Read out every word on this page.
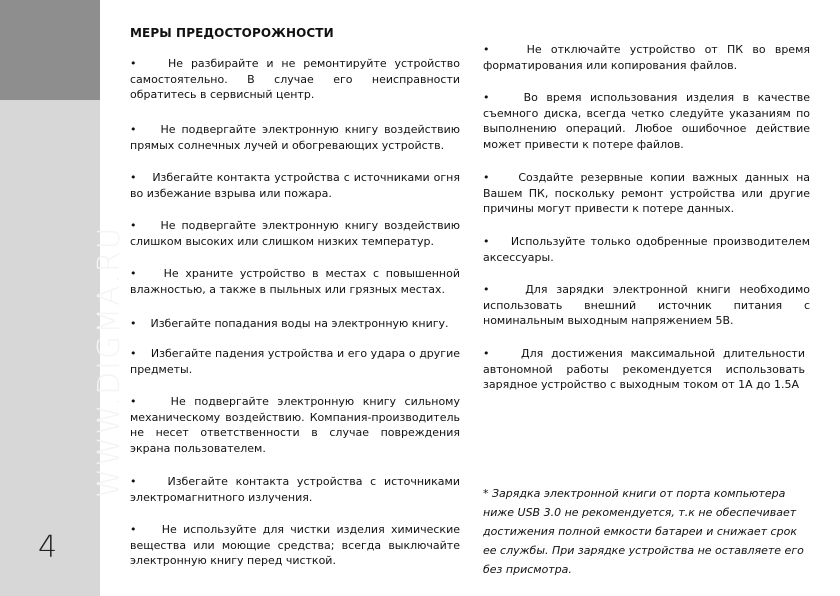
WWW.DIGMA.RU
4
МЕРЫ ПРЕДОСТОРОЖНОСТИ
•    Не разбирайте и не ремонтируйте устройство самостоятельно. В случае его неисправности обратитесь в сервисный центр.
•    Не подвергайте электронную книгу воздействию прямых солнечных лучей и обогревающих устройств.
•    Избегайте контакта устройства с источниками огня во избежание взрыва или пожара.
•    Не подвергайте электронную книгу воздействию слишком высоких или слишком низких температур.
•    Не храните устройство в местах с повышенной влажностью, а также в пыльных или грязных местах.
•    Избегайте попадания воды на электронную книгу.
•    Избегайте падения устройства и его удара о другие предметы.
•    Не подвергайте электронную книгу сильному механическому воздействию. Компания-производитель не несет ответственности в случае повреждения экрана пользователем.
•    Избегайте контакта устройства с источниками электромагнитного излучения.
•    Не используйте для чистки изделия химические вещества или моющие средства; всегда выключайте электронную книгу перед чисткой.
•    Не отключайте устройство от ПК во время форматирования или копирования файлов.
•    Во время использования изделия в качестве съемного диска, всегда четко следуйте указаниям по выполнению операций. Любое ошибочное действие может привести к потере файлов.
•    Создайте резервные копии важных данных на Вашем ПК, поскольку ремонт устройства или другие причины могут привести к потере данных.
•    Используйте только одобренные производителем аксессуары.
•    Для зарядки электронной книги необходимо использовать внешний источник питания с номинальным выходным напряжением 5В.
•    Для достижения максимальной длительности автономной работы рекомендуется использовать зарядное устройство с выходным током от 1А до 1.5А
* Зарядка электронной книги от порта компьютера ниже USB 3.0 не рекомендуется, т.к не обеспечивает достижения полной емкости батареи и снижает срок ее службы. При зарядке устройства не оставляете его без присмотра.
